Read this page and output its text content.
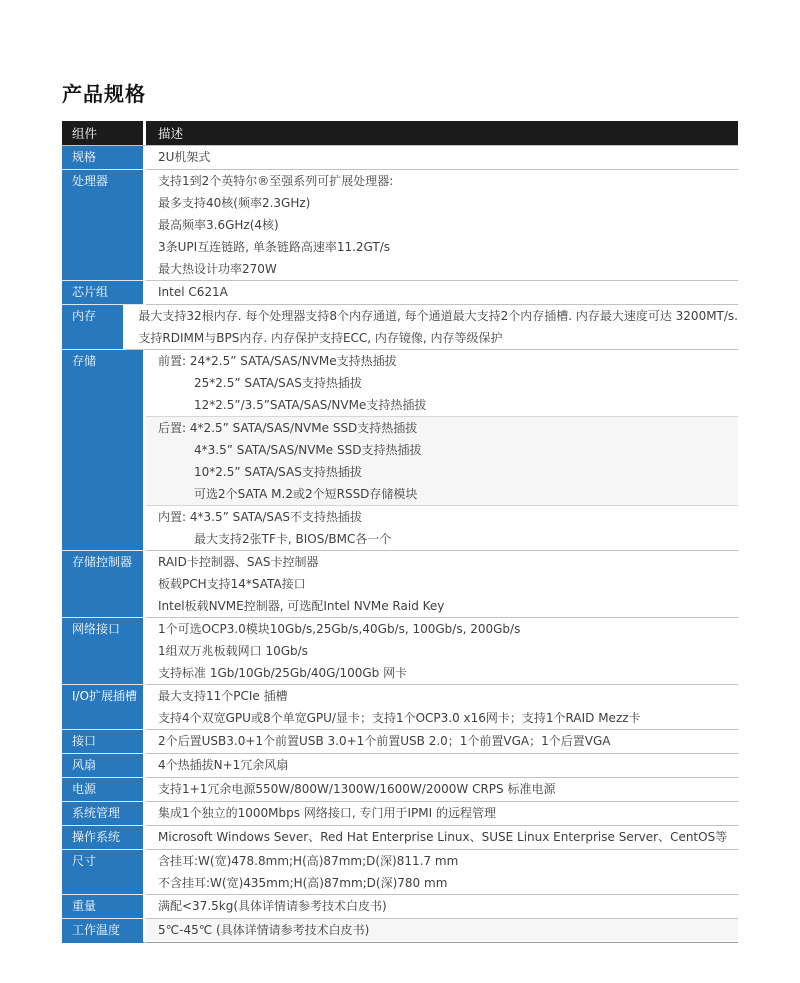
产品规格
组件	描述
规格	2U机架式
处理器	支持1到2个英特尔®至强系列可扩展处理器:
最多支持40核(频率2.3GHz)
最高频率3.6GHz(4核)
3条UPI互连链路, 单条链路高速率11.2GT/s
最大热设计功率270W
芯片组	Intel C621A
内存	最大支持32根内存. 每个处理器支持8个内存通道, 每个通道最大支持2个内存插槽. 内存最大速度可达 3200MT/s.
支持RDIMM与BPS内存. 内存保护支持ECC, 内存镜像, 内存等级保护
存储	前置: 24*2.5” SATA/SAS/NVMe支持热插拔
25*2.5” SATA/SAS支持热插拔
12*2.5”/3.5”SATA/SAS/NVMe支持热插拔
后置: 4*2.5” SATA/SAS/NVMe SSD支持热插拔
4*3.5” SATA/SAS/NVMe SSD支持热插拔
10*2.5” SATA/SAS支持热插拔
可选2个SATA M.2或2个短RSSD存储模块
内置: 4*3.5” SATA/SAS不支持热插拔
最大支持2张TF卡, BIOS/BMC各一个
存储控制器	RAID卡控制器、SAS卡控制器
板载PCH支持14*SATA接口
Intel板载NVME控制器, 可选配Intel NVMe Raid Key
网络接口	1个可选OCP3.0模块10Gb/s,25Gb/s,40Gb/s, 100Gb/s, 200Gb/s
1组双万兆板载网口 10Gb/s
支持标准 1Gb/10Gb/25Gb/40G/100Gb 网卡
I/O扩展插槽	最大支持11个PCIe 插槽
支持4个双宽GPU或8个单宽GPU/显卡；支持1个OCP3.0 x16网卡；支持1个RAID Mezz卡
接口	2个后置USB3.0+1个前置USB 3.0+1个前置USB 2.0；1个前置VGA；1个后置VGA
风扇	4个热插拔N+1冗余风扇
电源	支持1+1冗余电源550W/800W/1300W/1600W/2000W CRPS 标准电源
系统管理	集成1个独立的1000Mbps 网络接口, 专门用于IPMI 的远程管理
操作系统	Microsoft Windows Sever、Red Hat Enterprise Linux、SUSE Linux Enterprise Server、CentOS等
尺寸	含挂耳:W(宽)478.8mm;H(高)87mm;D(深)811.7 mm
不含挂耳:W(宽)435mm;H(高)87mm;D(深)780 mm
重量	满配<37.5kg(具体详情请参考技术白皮书)
工作温度	5℃-45℃ (具体详情请参考技术白皮书)
